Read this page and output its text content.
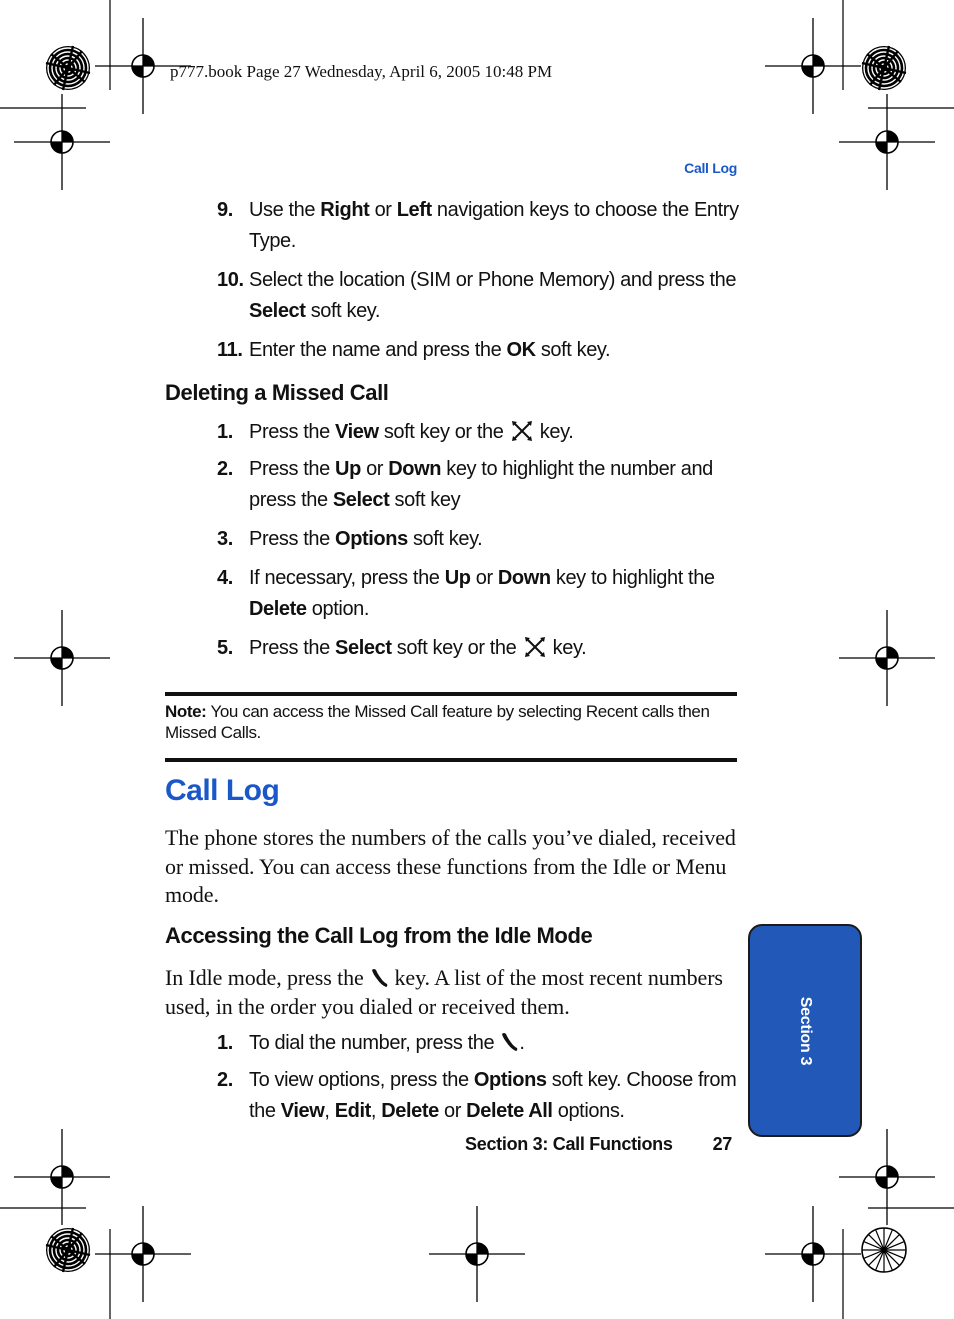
p777.book Page 27 Wednesday, April 6, 2005 10:48 PM
Call Log
9. Use the Right or Left navigation keys to choose the Entry Type.
10. Select the location (SIM or Phone Memory) and press the Select soft key.
11. Enter the name and press the OK soft key.
Deleting a Missed Call
1. Press the View soft key or the  key.
2. Press the Up or Down key to highlight the number and press the Select soft key
3. Press the Options soft key.
4. If necessary, press the Up or Down key to highlight the Delete option.
5. Press the Select soft key or the  key.
Note: You can access the Missed Call feature by selecting Recent calls then Missed Calls.
Call Log
The phone stores the numbers of the calls you’ve dialed, received or missed. You can access these functions from the Idle or Menu mode.
Accessing the Call Log from the Idle Mode
In Idle mode, press the  key. A list of the most recent numbers used, in the order you dialed or received them.
1. To dial the number, press the .
2. To view options, press the Options soft key. Choose from the View, Edit, Delete or Delete All options.
Section 3
Section 3: Call Functions 27
